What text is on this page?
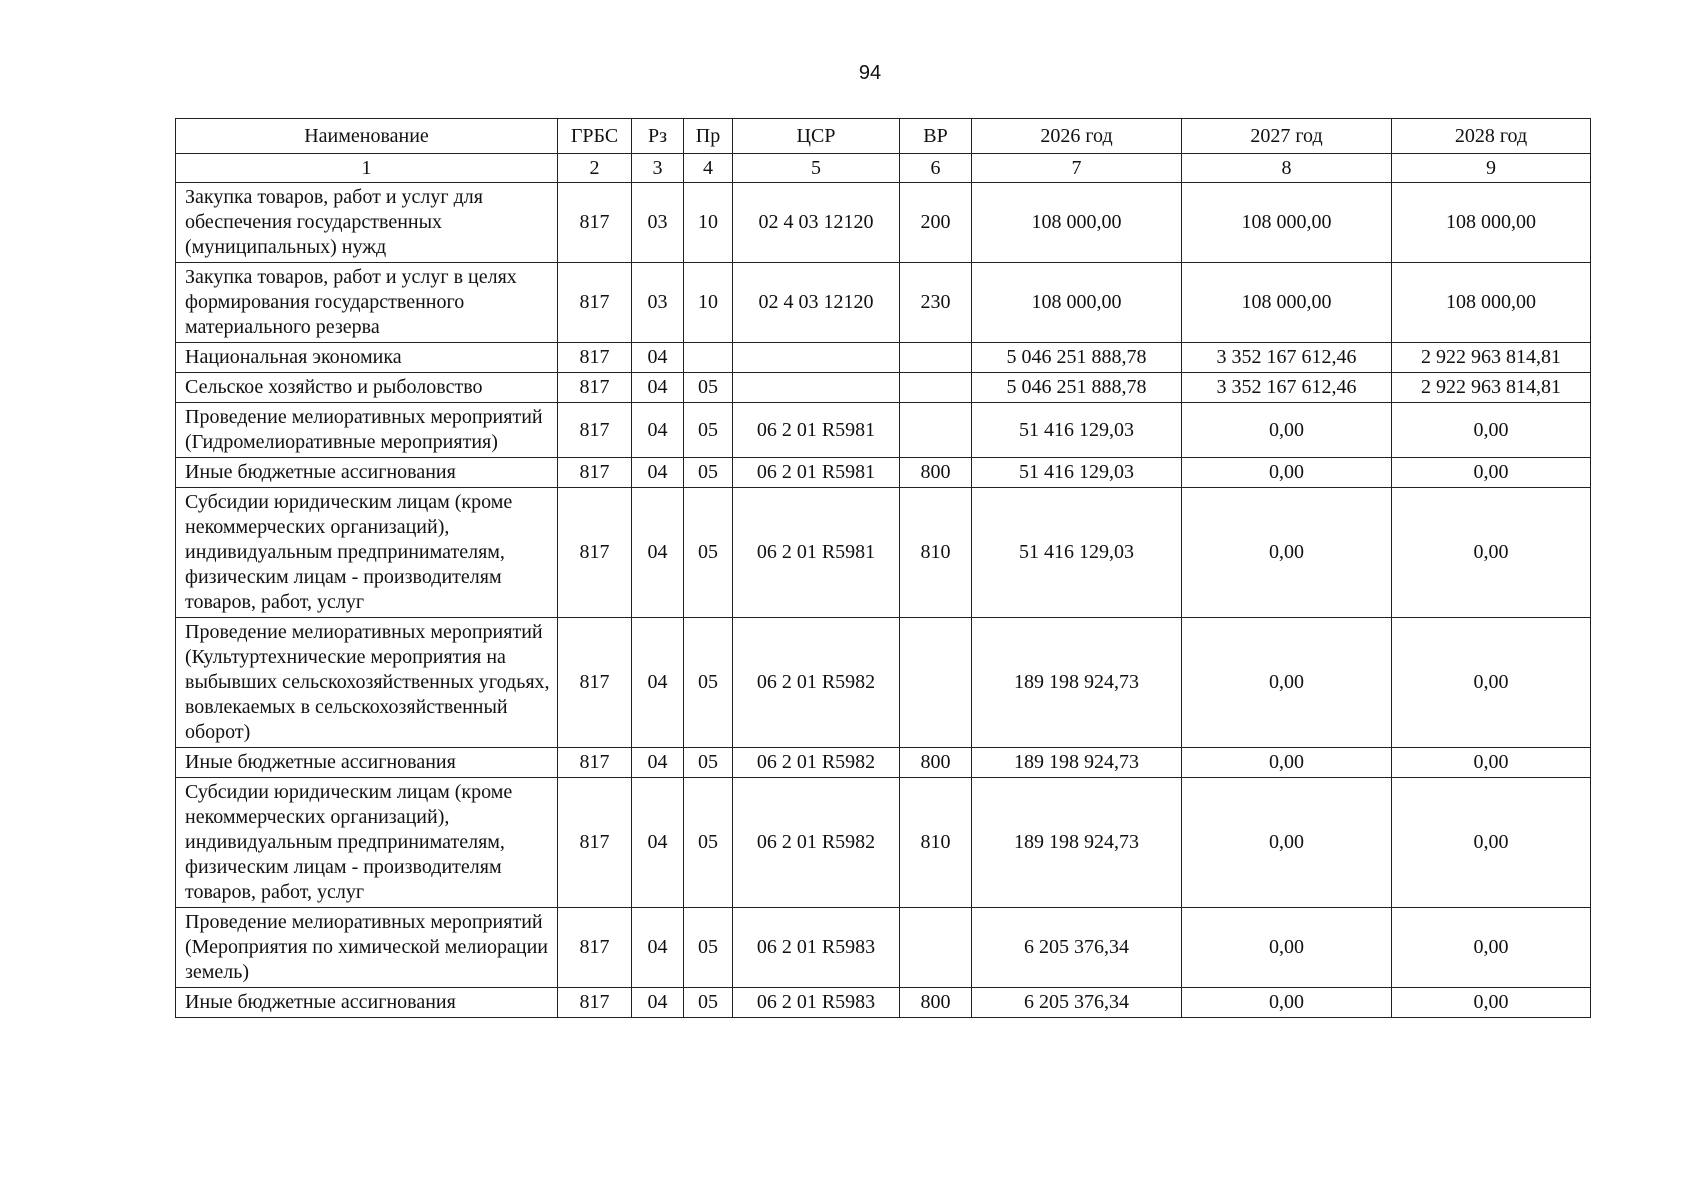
94
Наименование	ГРБС	Рз	Пр	ЦСР	ВР	2026 год	2027 год	2028 год
1	2	3	4	5	6	7	8	9
Закупка товаров, работ и услуг для обеспечения государственных (муниципальных) нужд	817	03	10	02 4 03 12120	200	108 000,00	108 000,00	108 000,00
Закупка товаров, работ и услуг в целях формирования государственного материального резерва	817	03	10	02 4 03 12120	230	108 000,00	108 000,00	108 000,00
Национальная экономика	817	04				5 046 251 888,78	3 352 167 612,46	2 922 963 814,81
Сельское хозяйство и рыболовство	817	04	05			5 046 251 888,78	3 352 167 612,46	2 922 963 814,81
Проведение мелиоративных мероприятий (Гидромелиоративные мероприятия)	817	04	05	06 2 01 R5981		51 416 129,03	0,00	0,00
Иные бюджетные ассигнования	817	04	05	06 2 01 R5981	800	51 416 129,03	0,00	0,00
Субсидии юридическим лицам (кроме некоммерческих организаций), индивидуальным предпринимателям, физическим лицам - производителям товаров, работ, услуг	817	04	05	06 2 01 R5981	810	51 416 129,03	0,00	0,00
Проведение мелиоративных мероприятий (Культуртехнические мероприятия на выбывших сельскохозяйственных угодьях, вовлекаемых в сельскохозяйственный оборот)	817	04	05	06 2 01 R5982		189 198 924,73	0,00	0,00
Иные бюджетные ассигнования	817	04	05	06 2 01 R5982	800	189 198 924,73	0,00	0,00
Субсидии юридическим лицам (кроме некоммерческих организаций), индивидуальным предпринимателям, физическим лицам - производителям товаров, работ, услуг	817	04	05	06 2 01 R5982	810	189 198 924,73	0,00	0,00
Проведение мелиоративных мероприятий (Мероприятия по химической мелиорации земель)	817	04	05	06 2 01 R5983		6 205 376,34	0,00	0,00
Иные бюджетные ассигнования	817	04	05	06 2 01 R5983	800	6 205 376,34	0,00	0,00
